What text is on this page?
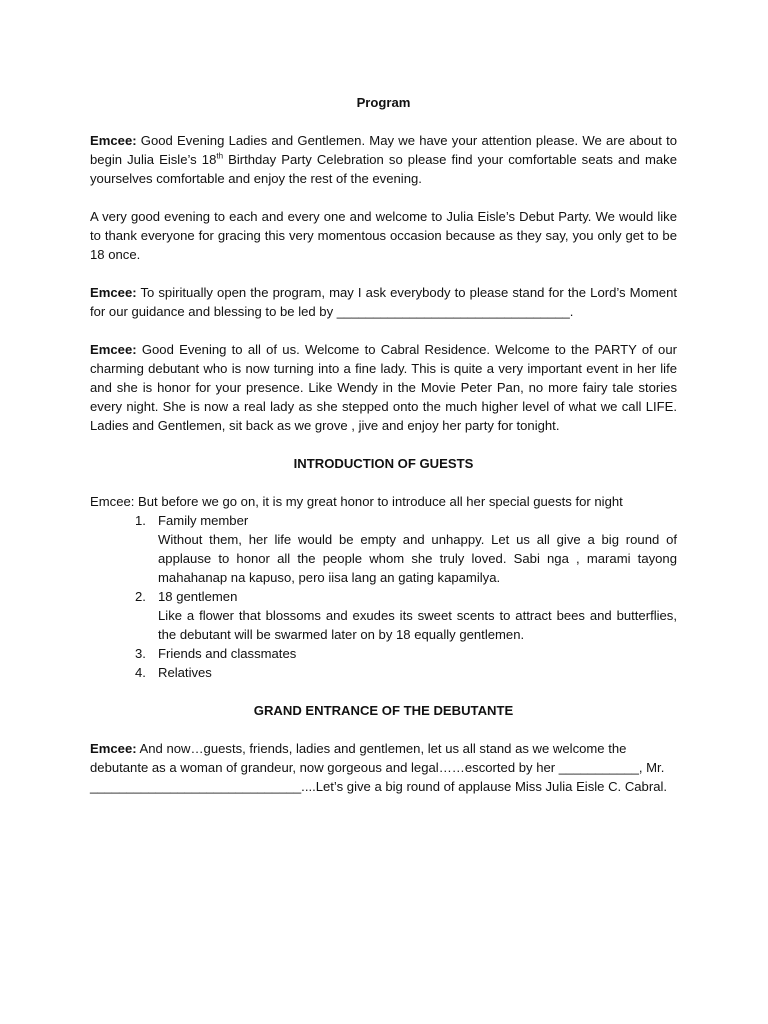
Program

Emcee: Good Evening Ladies and Gentlemen. May we have your attention please. We are about to begin Julia Eisle’s 18th Birthday Party Celebration so please find your comfortable seats and make yourselves comfortable and enjoy the rest of the evening.

A very good evening to each and every one and welcome to Julia Eisle’s Debut Party. We would like to thank everyone for gracing this very momentous occasion because as they say, you only get to be 18 once.

Emcee: To spiritually open the program, may I ask everybody to please stand for the Lord’s Moment for our guidance and blessing to be led by ________________________________.

Emcee: Good Evening to all of us. Welcome to Cabral Residence. Welcome to the PARTY of our charming debutant who is now turning into a fine lady. This is quite a very important event in her life and she is honor for your presence. Like Wendy in the Movie Peter Pan, no more fairy tale stories every night. She is now a real lady as she stepped onto the much higher level of what we call LIFE. Ladies and Gentlemen, sit back as we grove , jive and enjoy her party for tonight.

INTRODUCTION OF GUESTS

Emcee: But before we go on, it is my great honor to introduce all her special guests for night

1. Family member
Without them, her life would be empty and unhappy. Let us all give a big round of applause to honor all the people whom she truly loved. Sabi nga , marami tayong mahahanap na kapuso, pero iisa lang an gating kapamilya.
2. 18 gentlemen
Like a flower that blossoms and exudes its sweet scents to attract bees and butterflies, the debutant will be swarmed later on by 18 equally gentlemen.
3. Friends and classmates
4. Relatives
GRAND ENTRANCE OF THE DEBUTANTE

Emcee: And now…guests, friends, ladies and gentlemen, let us all stand as we welcome the debutante as a woman of grandeur, now gorgeous and legal……escorted by her ___________, Mr. _____________________________....Let’s give a big round of applause Miss Julia Eisle C. Cabral.
